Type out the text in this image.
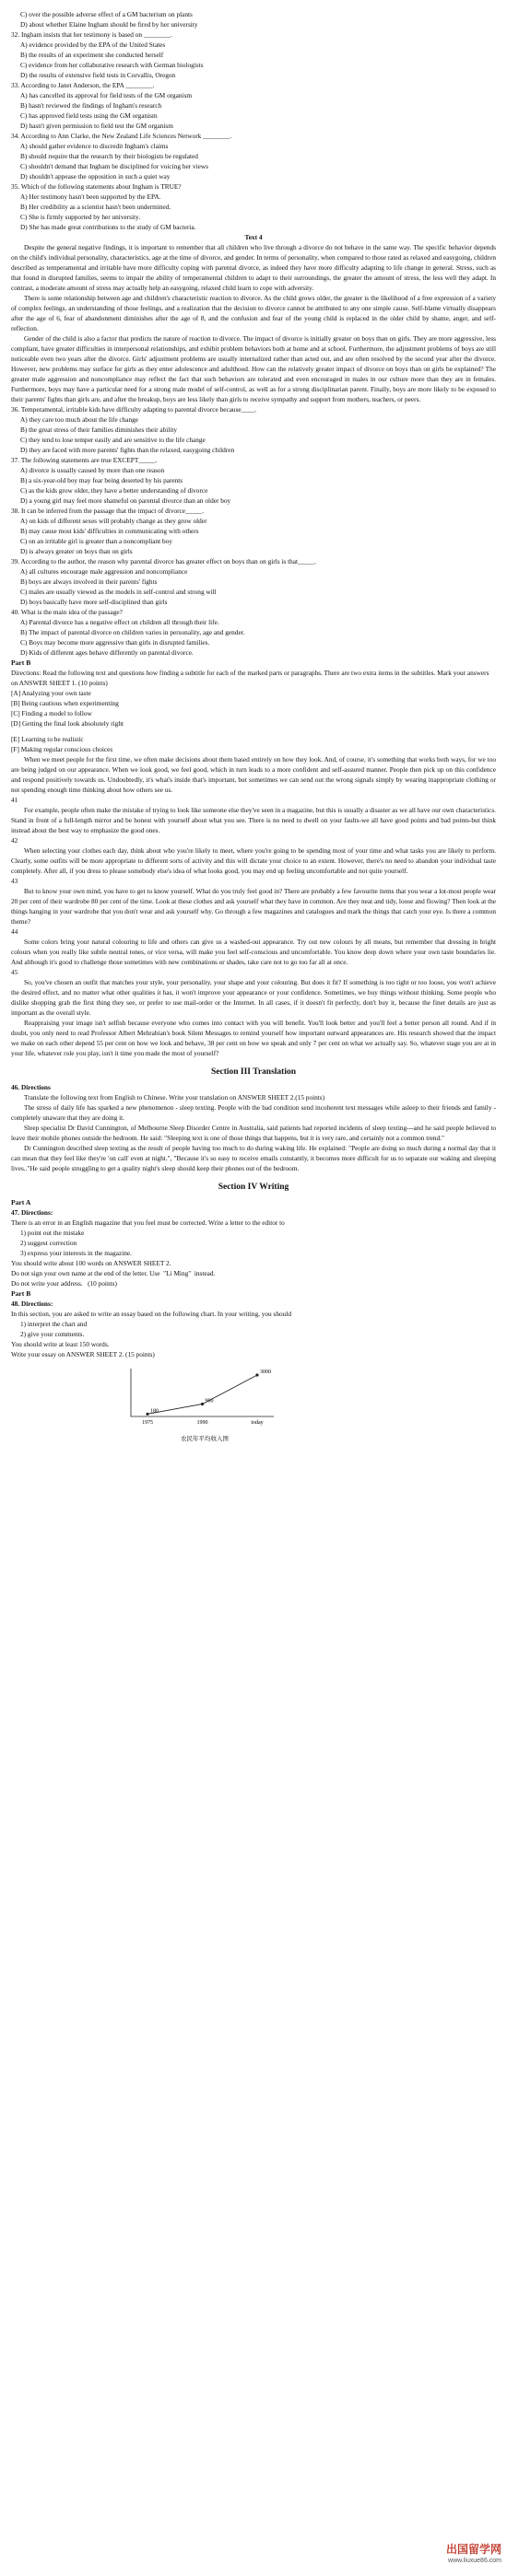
C) over the possible adverse effect of a GM bacterium on plants
D) about whether Elaine Ingham should be fired by her university
32. Ingham insists that her testimony is based on ________.
A) evidence provided by the EPA of the United States
B) the results of an experiment she conducted herself
C) evidence from her collaborative research with German biologists
D) the results of extensive field tests in Corvallis, Oregon
33. According to Janet Anderson, the EPA ________.
A) has cancelled its approval for field tests of the GM organism
B) hasn't reviewed the findings of Ingham's research
C) has approved field tests using the GM organism
D) hasn't given permission to field test the GM organism
34. According to Ann Clarke, the New Zealand Life Sciences Network ________.
A) should gather evidence to discredit Ingham's claims
B) should require that the research by their biologists be regulated
C) shouldn't demand that Ingham be disciplined for voicing her views
D) shouldn't appease the opposition in such a quiet way
35. Which of the following statements about Ingham is TRUE?
A) Her testimony hasn't been supported by the EPA.
B) Her credibility as a scientist hasn't been undermined.
C) She is firmly supported by her university.
D) She has made great contributions to the study of GM bacteria.
Text 4
Despite the general negative findings, it is important to remember that all children who live through a divorce do not behave in the same way. The specific behavior depends on the child's individual personality, characteristics, age at the time of divorce, and gender. In terms of personality, when compared to those rated as relaxed and easygoing, children described as temperamental and irritable have more difficulty coping with parental divorce, as indeed they have more difficulty adapting to life change in general. Stress, such as that found in disrupted families, seems to impair the ability of temperamental children to adapt to their surroundings, the greater the amount of stress, the less well they adapt. In contrast, a moderate amount of stress may actually help an easygoing, relaxed child learn to cope with adversity.
There is some relationship between age and children's characteristic reaction to divorce. As the child grows older, the greater is the likelihood of a free expression of a variety of complex feelings, an understanding of those feelings, and a realization that the decision to divorce cannot be attributed to any one simple cause. Self-blame virtually disappears after the age of 6, fear of abandonment diminishes after the age of 8, and the confusion and fear of the young child is replaced in the older child by shame, anger, and self-reflection.
Gender of the child is also a factor that predicts the nature of reaction to divorce. The impact of divorce is initially greater on boys than on girls. They are more aggressive, less compliant, have greater difficulties in interpersonal relationships, and exhibit problem behaviors both at home and at school. Furthermore, the adjustment problems of boys are still noticeable even two years after the divorce. Girls' adjustment problems are usually internalized rather than acted out, and are often resolved by the second year after the divorce. However, new problems may surface for girls as they enter adolescence and adulthood. How can the relatively greater impact of divorce on boys than on girls be explained? The greater male aggression and noncompliance may reflect the fact that such behaviors are tolerated and even encouraged in males in our culture more than they are in females. Furthermore, boys may have a particular need for a strong male model of self-control, as well as for a strong disciplinarian parent. Finally, boys are more likely to be exposed to their parents' fights than girls are, and after the breakup, boys are less likely than girls to receive sympathy and support from mothers, teachers, or peers.
36. Temperamental, irritable kids have difficulty adapting to parental divorce because____.
A) they care too much about the life change
B) the great stress of their families diminishes their ability
C) they tend to lose temper easily and are sensitive to the life change
D) they are faced with more parents' fights than the relaxed, easygoing children
37. The following statements are true EXCEPT_____.
A) divorce is usually caused by more than one reason
B) a six-year-old boy may fear being deserted by his parents
C) as the kids grow older, they have a better understanding of divorce
D) a young girl may feel more shameful on parental divorce than an older boy
38. It can be inferred from the passage that the impact of divorce_____.
A) on kids of different sexes will probably change as they grow older
B) may cause most kids' difficulties in communicating with others
C) on an irritable girl is greater than a noncompliant boy
D) is always greater on boys than on girls
39. According to the author, the reason why parental divorce has greater effect on boys than on girls is that_____.
A) all cultures encourage male aggression and noncompliance
B) boys are always involved in their parents' fights
C) males are usually viewed as the models in self-control and strong will
D) boys basically have more self-disciplined than girls
40. What is the main idea of the passage?
A) Parental divorce has a negative effect on children all through their life.
B) The impact of parental divorce on children varies in personality, age and gender.
C) Boys may become more aggressive than girls in disrupted families.
D) Kids of different ages behave differently on parental divorce.
Part B
Directions: Read the following text and questions how finding a subtitle for each of the marked parts or paragraphs. There are two extra items in the subtitles. Mark your answers on ANSWER SHEET 1. (10 points)
[A] Analyzing your own taste
[B] Being cautious when experimenting
[C] Finding a model to follow
[D] Getting the final look absolutely right
[E] Learning to be realistic
[F] Making regular conscious choices
When we meet people for the first time, we often make decisions about them based entirely on how they look. And, of course, it's something that works both ways, for we too are being judged on our appearance. When we look good, we feel good, which in turn leads to a more confident and self-assured manner. People then pick up on this confidence and respond positively towards us. Undoubtedly, it's what's inside that's important, but sometimes we can send out the wrong signals simply by wearing inappropriate clothing or not spending enough time thinking about how others see us.
41
For example, people often make the mistake of trying to look like someone else they've seen in a magazine, but this is usually a disaster as we all have our own characteristics. Stand in front of a full-length mirror and be honest with yourself about what you see. There is no need to dwell on your faults-we all have good points and bad points-but think instead about the best way to emphasize the good ones.
42
When selecting your clothes each day, think about who you're likely to meet, where you're going to be spending most of your time and what tasks you are likely to perform. Clearly, some outfits will be more appropriate to different sorts of activity and this will dictate your choice to an extent. However, there's no need to abandon your individual taste completely. After all, if you dress to please somebody else's idea of what looks good, you may end up feeling uncomfortable and not quite yourself.
43
But to know your own mind, you have to get to know yourself. What do you truly feel good in? There are probably a few favourite items that you wear a lot-most people wear 20 per cent of their wardrobe 80 per cent of the time. Look at these clothes and ask yourself what they have in common. Are they neat and tidy, loose and flowing? Then look at the things hanging in your wardrobe that you don't wear and ask yourself why. Go through a few magazines and catalogues and mark the things that catch your eye. Is there a common theme?
44
Some colors bring your natural colouring to life and others can give us a washed-out appearance. Try out new colours by all means, but remember that dressing in bright colours when you really like subtle neutral tones, or vice versa, will make you feel self-conscious and uncomfortable. You know deep down where your own taste boundaries lie. And although it's good to challenge those sometimes with new combinations or shades, take care not to go too far all at once.
45
So, you've chosen an outfit that matches your style, your personality, your shape and your colouring. But does it fit? If something is too tight or too loose, you won't achieve the desired effect, and no matter what other qualities it has, it won't improve your appearance or your confidence. Sometimes, we buy things without thinking. Some people who dislike shopping grab the first thing they see, or prefer to use mail-order or the Internet. In all cases, if it doesn't fit perfectly, don't buy it, because the finer details are just as important as the overall style.
Reappraising your image isn't selfish because everyone who comes into contact with you will benefit. You'll look better and you'll feel a better person all round. And if in doubt, you only need to read Professor Albert Mehrabian's book Silent Messages to remind yourself how important outward appearances are. His research showed that the impact we make on each other depend 55 per cent on how we look and behave, 38 per cent on how we speak and only 7 per cent on what we actually say. So, whatever stage you are at in your life, whatever role you play, isn't it time you made the most of yourself?
Section III Translation
46. Directions
Translate the following text from English to Chinese. Write your translation on ANSWER SHEET 2.(15 points)
The stress of daily life has sparked a new phenomenon - sleep texting. People with the bad condition send incoherent text messages while asleep to their friends and family - completely unaware that they are doing it.
Sleep specialist Dr David Cunnington, of Melbourne Sleep Disorder Centre in Australia, said patients had reported incidents of sleep texting---and he said people believed to leave their mobile phones outside the bedroom. He said: "Sleeping text is one of those things that happens, but it is very rare, and certainly not a common trend."
Dr Cunnington described sleep texting as the result of people having too much to do during waking life. He explained: "People are doing so much during a normal day that it can mean that they feel like they're 'on call' even at night.", "Because it's so easy to receive emails constantly, it becomes more difficult for us to separate our waking and sleeping lives.."He said people struggling to get a quality night's sleep should keep their phones out of the bedroom.
Section IV Writing
Part A
47. Directions:
There is an error in an English magazine that you feel must be corrected. Write a letter to the editor to
1) point out the mistake
2) suggest correction
3) express your interests in the magazine.
You should write about 100 words on ANSWER SHEET 2.
Do not sign your own name at the end of the letter. Use  "Li Ming"  instead.
Do not write your address.   (10 points)
Part B
48. Directions:
In this section, you are asked to write an essay based on the following chart. In your writing, you should
1) interpret the chart and
2) give your comments.
You should write at least 150 words.
Write your essay on ANSWER SHEET 2. (15 points)
180
1975
900
1990
3000
today
农民年平均收入图
出国留学网
www.liuxue86.com
